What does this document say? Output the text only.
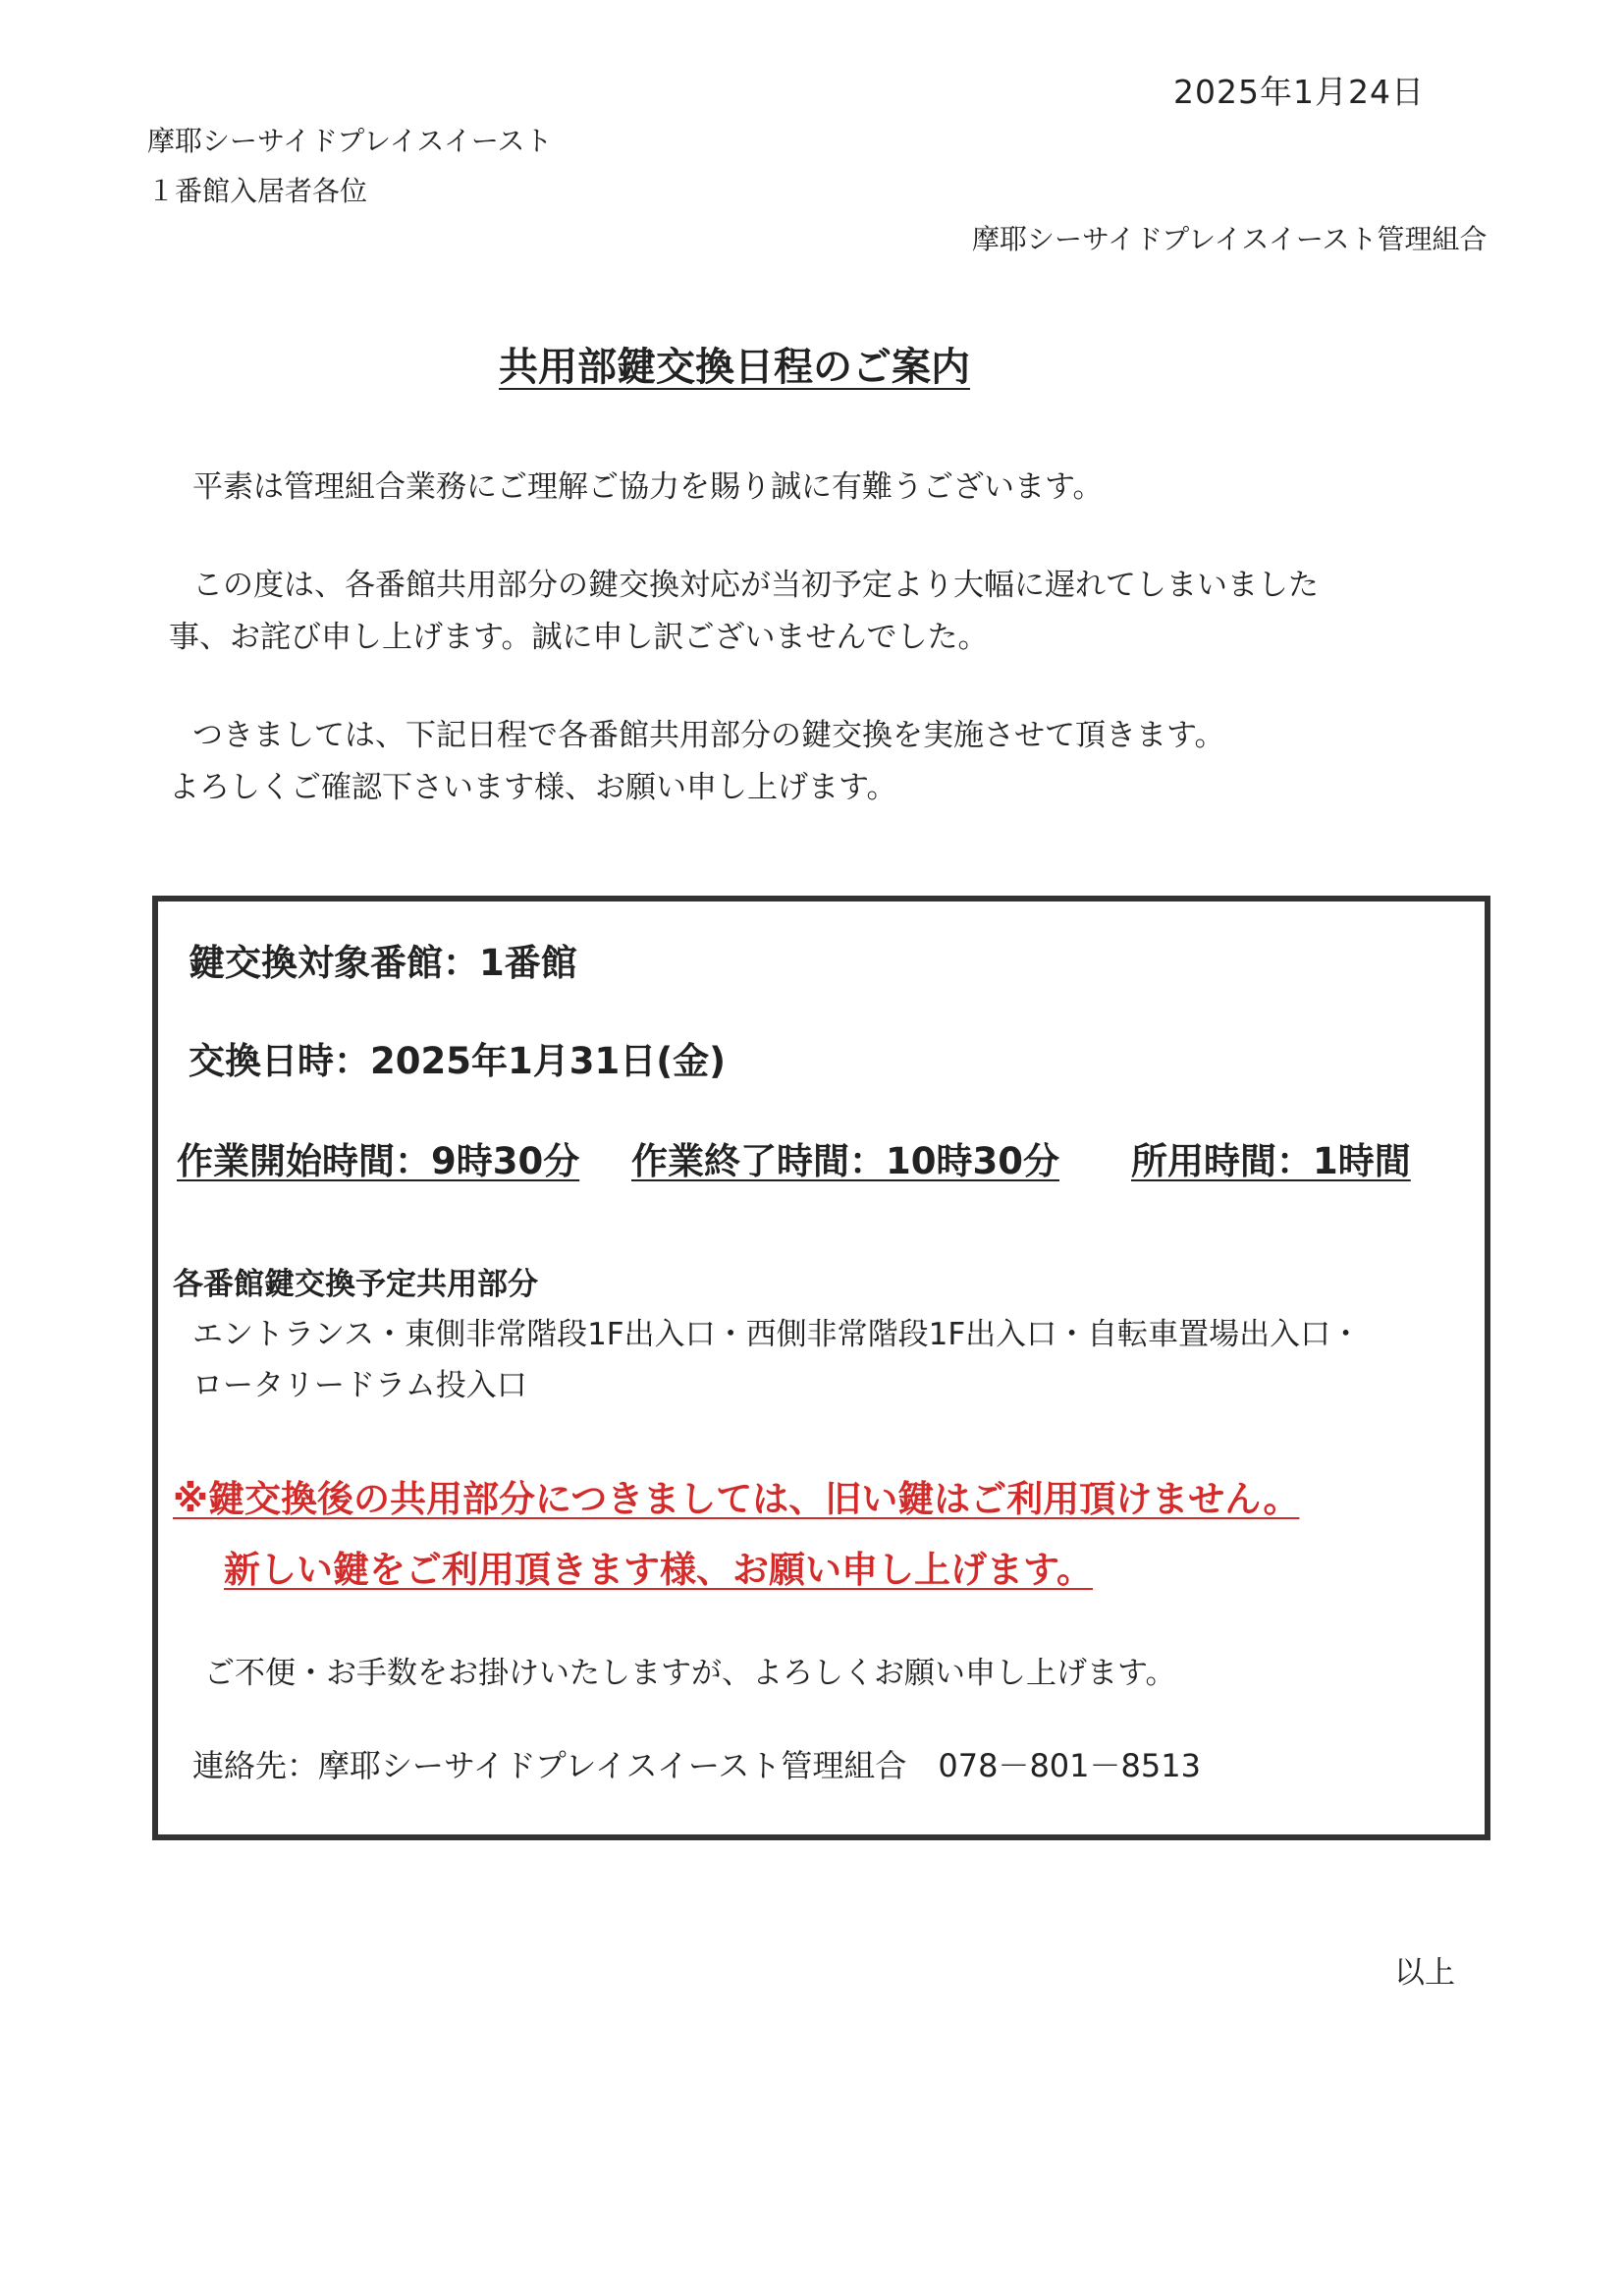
2025年1月24日
摩耶シーサイドプレイスイースト
１番館入居者各位
摩耶シーサイドプレイスイースト管理組合
共用部鍵交換日程のご案内
平素は管理組合業務にご理解ご協力を賜り誠に有難うございます。
この度は、各番館共用部分の鍵交換対応が当初予定より大幅に遅れてしまいました
事、お詫び申し上げます。誠に申し訳ございませんでした。
つきましては、下記日程で各番館共用部分の鍵交換を実施させて頂きます。
よろしくご確認下さいます様、お願い申し上げます。
鍵交換対象番館：1番館
交換日時：2025年1月31日(金)
作業開始時間：9時30分 作業終了時間：10時30分 所用時間：1時間
各番館鍵交換予定共用部分
エントランス・東側非常階段1F出入口・西側非常階段1F出入口・自転車置場出入口・
ロータリードラム投入口
※鍵交換後の共用部分につきましては、旧い鍵はご利用頂けません。
新しい鍵をご利用頂きます様、お願い申し上げます。
ご不便・お手数をお掛けいたしますが、よろしくお願い申し上げます。
連絡先：摩耶シーサイドプレイスイースト管理組合　078－801－8513
以上
